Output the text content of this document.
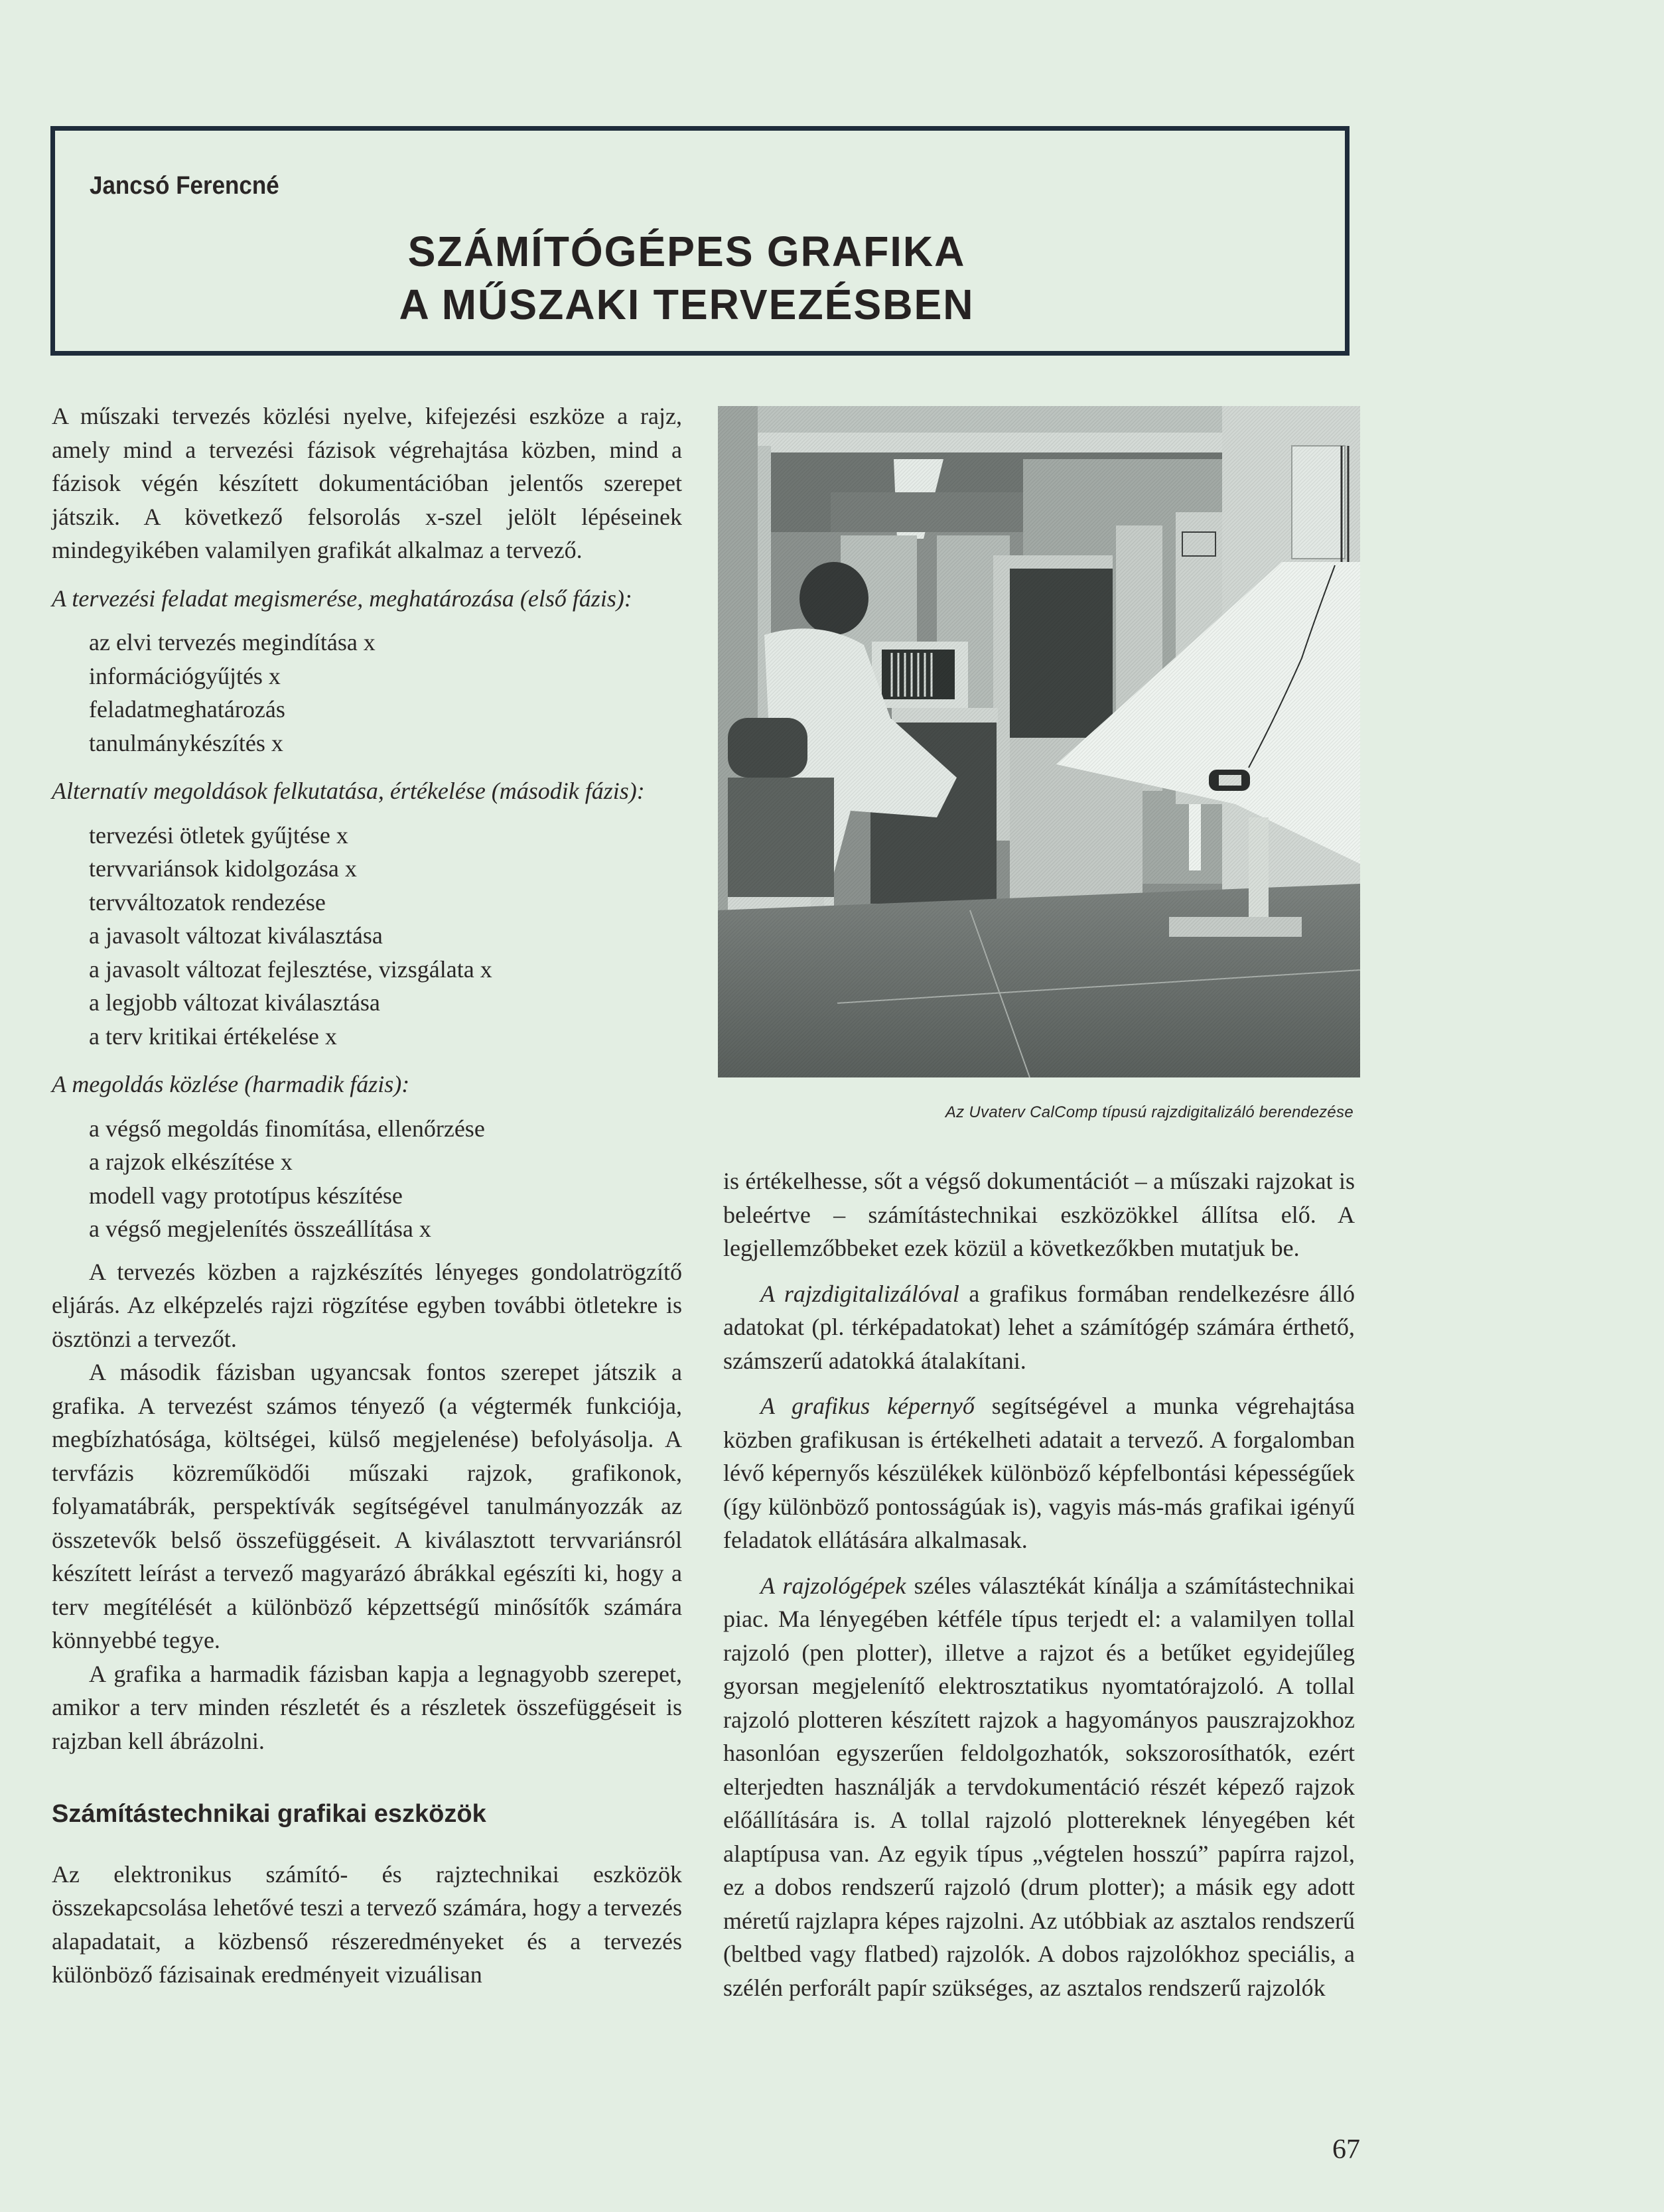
Jancsó Ferencné
SZÁMÍTÓGÉPES GRAFIKA
A MŰSZAKI TERVEZÉSBEN

A műszaki tervezés közlési nyelve, kifejezési eszköze a rajz, amely mind a tervezési fázisok végrehajtása közben, mind a fázisok végén készített dokumentációban jelentős szerepet játszik. A következő felsorolás x-szel jelölt lépéseinek mindegyikében valamilyen grafikát alkalmaz a tervező.

A tervezési feladat megismerése, meghatározása (első fázis):

az elvi tervezés megindítása x
információgyűjtés x
feladatmeghatározás
tanulmánykészítés x

Alternatív megoldások felkutatása, értékelése (második fázis):

tervezési ötletek gyűjtése x
tervvariánsok kidolgozása x
tervváltozatok rendezése
a javasolt változat kiválasztása
a javasolt változat fejlesztése, vizsgálata x
a legjobb változat kiválasztása
a terv kritikai értékelése x

A megoldás közlése (harmadik fázis):

a végső megoldás finomítása, ellenőrzése
a rajzok elkészítése x
modell vagy prototípus készítése
a végső megjelenítés összeállítása x

A tervezés közben a rajzkészítés lényeges gondolatrögzítő eljárás. Az elképzelés rajzi rögzítése egyben további ötletekre is ösztönzi a tervezőt.

A második fázisban ugyancsak fontos szerepet játszik a grafika. A tervezést számos tényező (a végtermék funkciója, megbízhatósága, költségei, külső megjelenése) befolyásolja. A tervfázis közreműködői műszaki rajzok, grafikonok, folyamatábrák, perspektívák segítségével tanulmányozzák az összetevők belső összefüggéseit. A kiválasztott tervvariánsról készített leírást a tervező magyarázó ábrákkal egészíti ki, hogy a terv megítélését a különböző képzettségű minősítők számára könnyebbé tegye.

A grafika a harmadik fázisban kapja a legnagyobb szerepet, amikor a terv minden részletét és a részletek összefüggéseit is rajzban kell ábrázolni.

Számítástechnikai grafikai eszközök

Az elektronikus számító- és rajztechnikai eszközök összekapcsolása lehetővé teszi a tervező számára, hogy a tervezés alapadatait, a közbenső részeredményeket és a tervezés különböző fázisainak eredményeit vizuálisan

Az Uvaterv CalComp típusú rajzdigitalizáló berendezése

is értékelhesse, sőt a végső dokumentációt – a műszaki rajzokat is beleértve – számítástechnikai eszközökkel állítsa elő. A legjellemzőbbeket ezek közül a következőkben mutatjuk be.

A rajzdigitalizálóval a grafikus formában rendelkezésre álló adatokat (pl. térképadatokat) lehet a számítógép számára érthető, számszerű adatokká átalakítani.

A grafikus képernyő segítségével a munka végrehajtása közben grafikusan is értékelheti adatait a tervező. A forgalomban lévő képernyős készülékek különböző képfelbontási képességűek (így különböző pontosságúak is), vagyis más-más grafikai igényű feladatok ellátására alkalmasak.

A rajzológépek széles választékát kínálja a számítástechnikai piac. Ma lényegében kétféle típus terjedt el: a valamilyen tollal rajzoló (pen plotter), illetve a rajzot és a betűket egyidejűleg gyorsan megjelenítő elektrosztatikus nyomtatórajzoló. A tollal rajzoló plotteren készített rajzok a hagyományos pauszrajzokhoz hasonlóan egyszerűen feldolgozhatók, sokszorosíthatók, ezért elterjedten használják a tervdokumentáció részét képező rajzok előállítására is. A tollal rajzoló plottereknek lényegében két alaptípusa van. Az egyik típus „végtelen hosszú” papírra rajzol, ez a dobos rendszerű rajzoló (drum plotter); a másik egy adott méretű rajzlapra képes rajzolni. Az utóbbiak az asztalos rendszerű (beltbed vagy flatbed) rajzolók. A dobos rajzolókhoz speciális, a szélén perforált papír szükséges, az asztalos rendszerű rajzolók

67
